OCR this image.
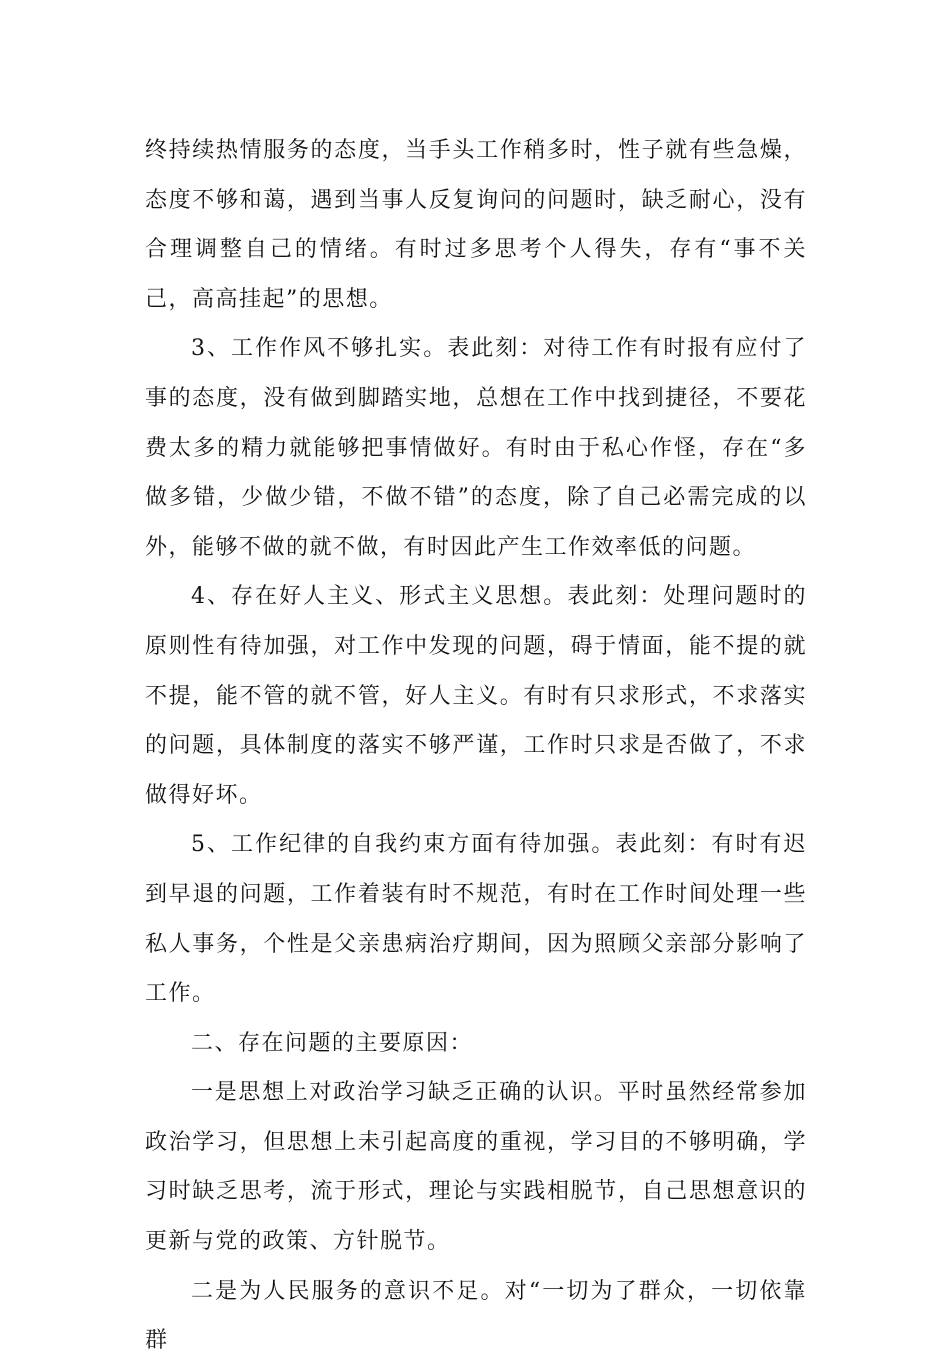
终持续热情服务的态度，当手头工作稍多时，性子就有些急燥，态度不够和蔼，遇到当事人反复询问的问题时，缺乏耐心，没有合理调整自己的情绪。有时过多思考个人得失，存有“事不关己，高高挂起”的思想。

3、工作作风不够扎实。表此刻：对待工作有时报有应付了事的态度，没有做到脚踏实地，总想在工作中找到捷径，不要花费太多的精力就能够把事情做好。有时由于私心作怪，存在“多做多错，少做少错，不做不错”的态度，除了自己必需完成的以外，能够不做的就不做，有时因此产生工作效率低的问题。

4、存在好人主义、形式主义思想。表此刻：处理问题时的原则性有待加强，对工作中发现的问题，碍于情面，能不提的就不提，能不管的就不管，好人主义。有时有只求形式，不求落实的问题，具体制度的落实不够严谨，工作时只求是否做了，不求做得好坏。

5、工作纪律的自我约束方面有待加强。表此刻：有时有迟到早退的问题，工作着装有时不规范，有时在工作时间处理一些私人事务，个性是父亲患病治疗期间，因为照顾父亲部分影响了工作。

二、存在问题的主要原因：

一是思想上对政治学习缺乏正确的认识。平时虽然经常参加政治学习，但思想上未引起高度的重视，学习目的不够明确，学习时缺乏思考，流于形式，理论与实践相脱节，自己思想意识的更新与党的政策、方针脱节。

二是为人民服务的意识不足。对“一切为了群众，一切依靠群
